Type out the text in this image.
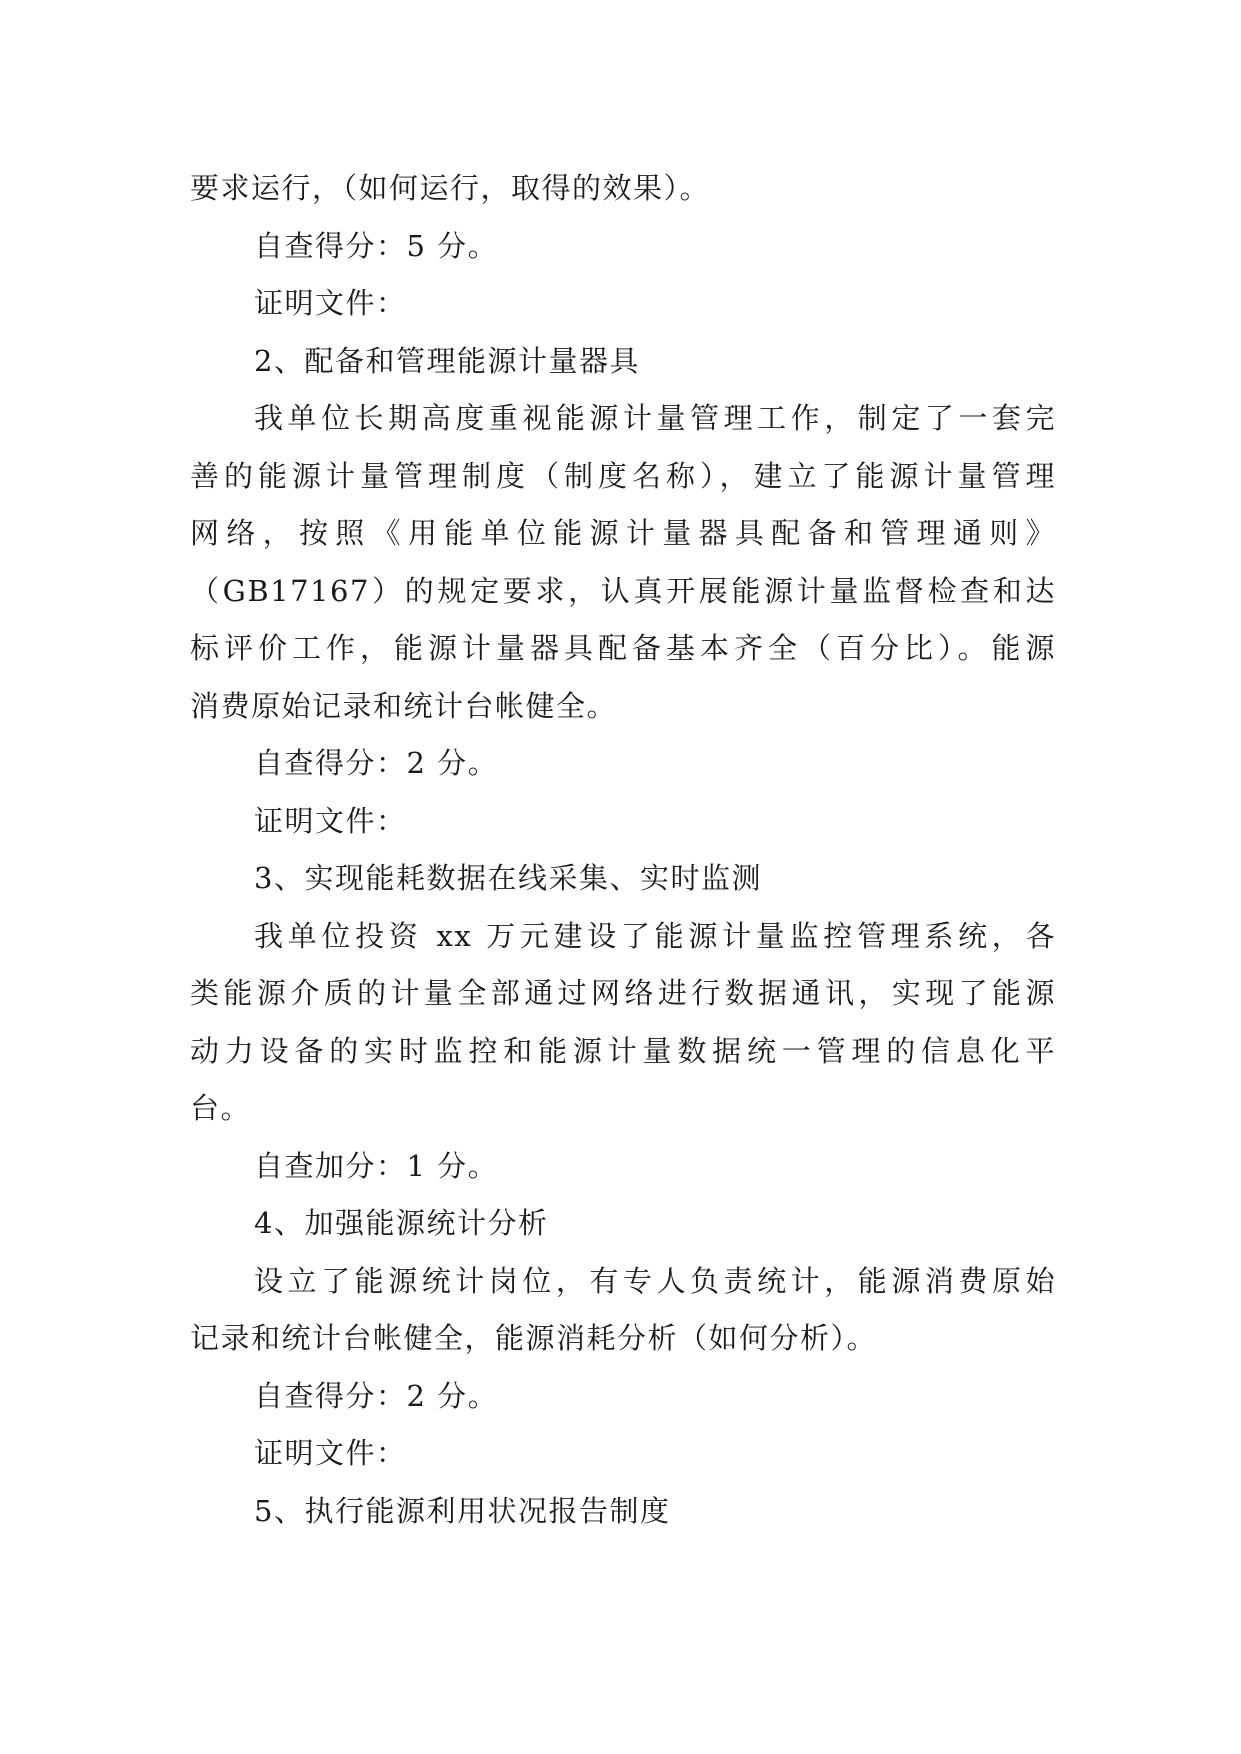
要求运行，（如何运行，取得的效果）。
自查得分：5 分。
证明文件：
2、配备和管理能源计量器具
我单位长期高度重视能源计量管理工作，制定了一套完
善的能源计量管理制度（制度名称），建立了能源计量管理
网络，按照《用能单位能源计量器具配备和管理通则》
（GB17167）的规定要求，认真开展能源计量监督检查和达
标评价工作，能源计量器具配备基本齐全（百分比）。能源
消费原始记录和统计台帐健全。
自查得分：2 分。
证明文件：
3、实现能耗数据在线采集、实时监测
我单位投资 xx 万元建设了能源计量监控管理系统，各
类能源介质的计量全部通过网络进行数据通讯，实现了能源
动力设备的实时监控和能源计量数据统一管理的信息化平
台。
自查加分：1 分。
4、加强能源统计分析
设立了能源统计岗位，有专人负责统计，能源消费原始
记录和统计台帐健全，能源消耗分析（如何分析）。
自查得分：2 分。
证明文件：
5、执行能源利用状况报告制度
